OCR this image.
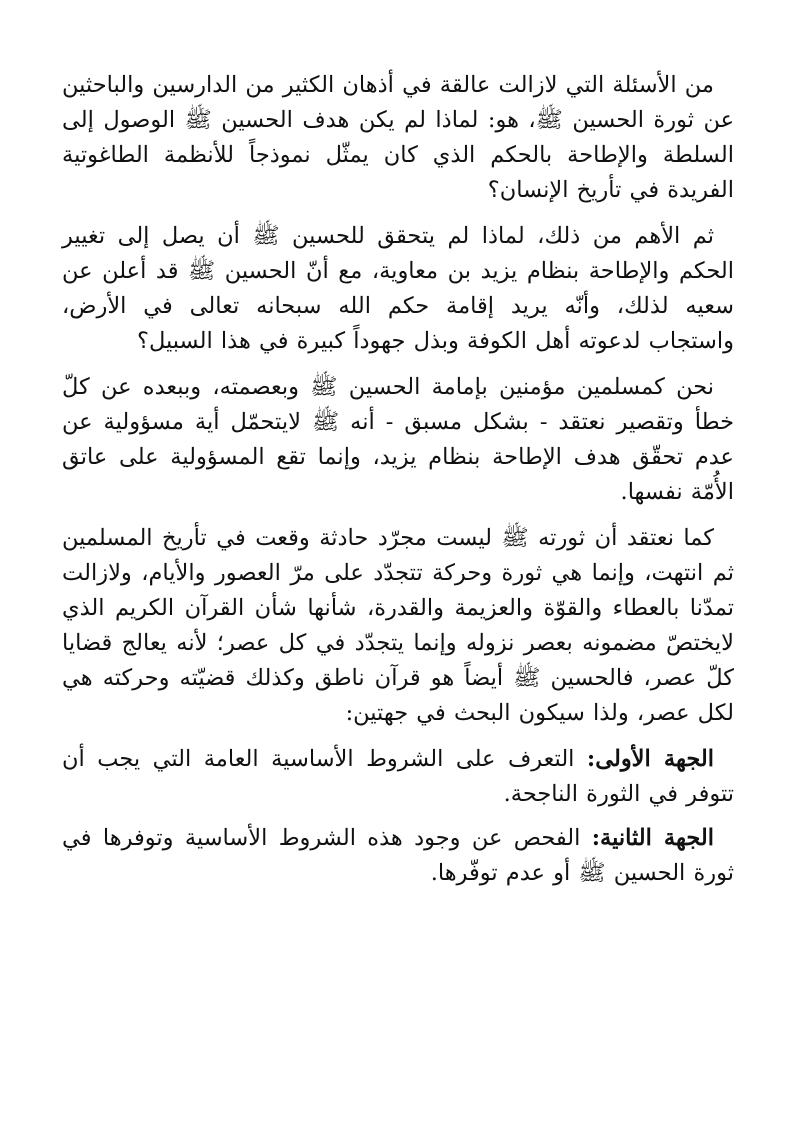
من الأسئلة التي لازالت عالقة في أذهان الكثير من الدارسين والباحثين عن ثورة الحسين ﷺ، هو: لماذا لم يكن هدف الحسين ﷺ الوصول إلى السلطة والإطاحة بالحكم الذي كان يمثّل نموذجاً للأنظمة الطاغوتية الفريدة في تأريخ الإنسان؟

ثم الأهم من ذلك، لماذا لم يتحقق للحسين ﷺ أن يصل إلى تغيير الحكم والإطاحة بنظام يزيد بن معاوية، مع أنّ الحسين ﷺ قد أعلن عن سعيه لذلك، وأنّه يريد إقامة حكم الله سبحانه تعالى في الأرض، واستجاب لدعوته أهل الكوفة وبذل جهوداً كبيرة في هذا السبيل؟

نحن كمسلمين مؤمنين بإمامة الحسين ﷺ وبعصمته، وببعده عن كلّ خطأ وتقصير نعتقد - بشكل مسبق - أنه ﷺ لايتحمّل أية مسؤولية عن عدم تحقّق هدف الإطاحة بنظام يزيد، وإنما تقع المسؤولية على عاتق الأُمّة نفسها.

كما نعتقد أن ثورته ﷺ ليست مجرّد حادثة وقعت في تأريخ المسلمين ثم انتهت، وإنما هي ثورة وحركة تتجدّد على مرّ العصور والأيام، ولازالت تمدّنا بالعطاء والقوّة والعزيمة والقدرة، شأنها شأن القرآن الكريم الذي لايختصّ مضمونه بعصر نزوله وإنما يتجدّد في كل عصر؛ لأنه يعالج قضايا كلّ عصر، فالحسين ﷺ أيضاً هو قرآن ناطق وكذلك قضيّته وحركته هي لكل عصر، ولذا سيكون البحث في جهتين:

الجهة الأولى: التعرف على الشروط الأساسية العامة التي يجب أن تتوفر في الثورة الناجحة.

الجهة الثانية: الفحص عن وجود هذه الشروط الأساسية وتوفرها في ثورة الحسين ﷺ أو عدم توفّرها.
